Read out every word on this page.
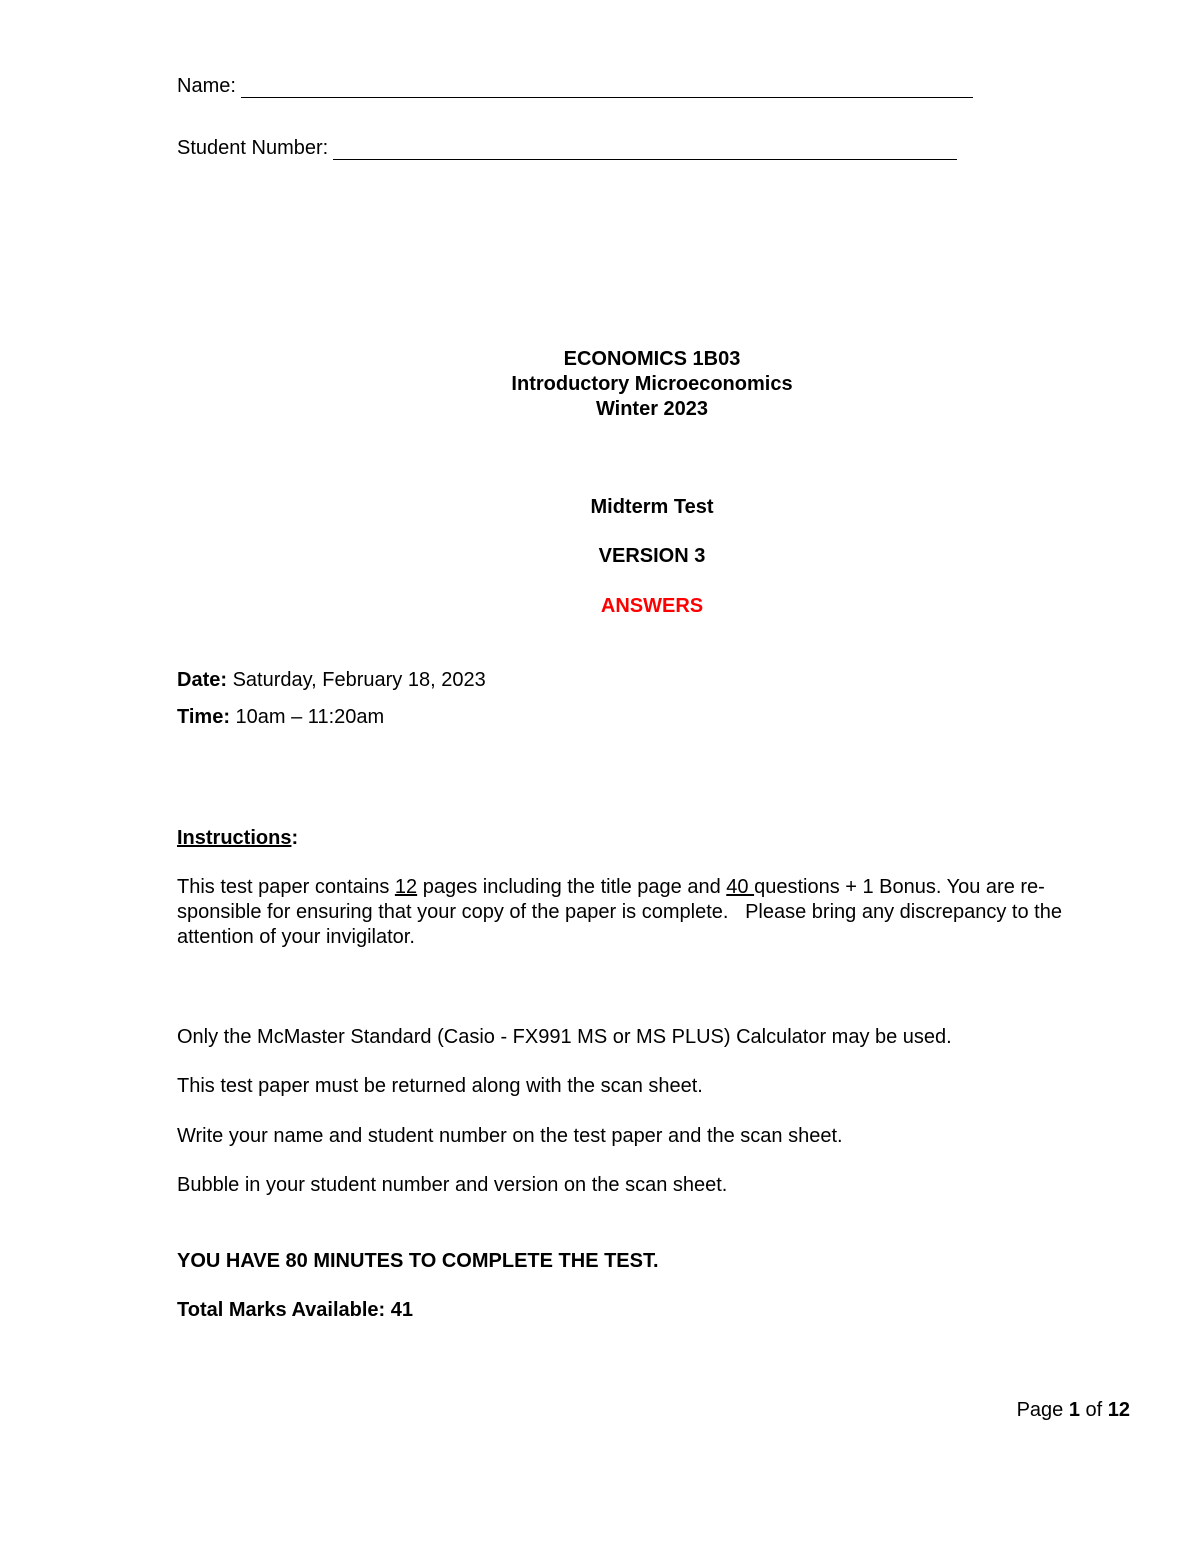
Name:
Student Number:
ECONOMICS 1B03
Introductory Microeconomics
Winter 2023
Midterm Test
VERSION 3
ANSWERS
Date: Saturday, February 18, 2023
Time: 10am – 11:20am
Instructions:
This test paper contains 12 pages including the title page and 40 questions + 1 Bonus. You are re-sponsible for ensuring that your copy of the paper is complete.   Please bring any discrepancy to the attention of your invigilator.
Only the McMaster Standard (Casio - FX991 MS or MS PLUS) Calculator may be used.
This test paper must be returned along with the scan sheet.
Write your name and student number on the test paper and the scan sheet.
Bubble in your student number and version on the scan sheet.
YOU HAVE 80 MINUTES TO COMPLETE THE TEST.
Total Marks Available: 41
Page 1 of 12
